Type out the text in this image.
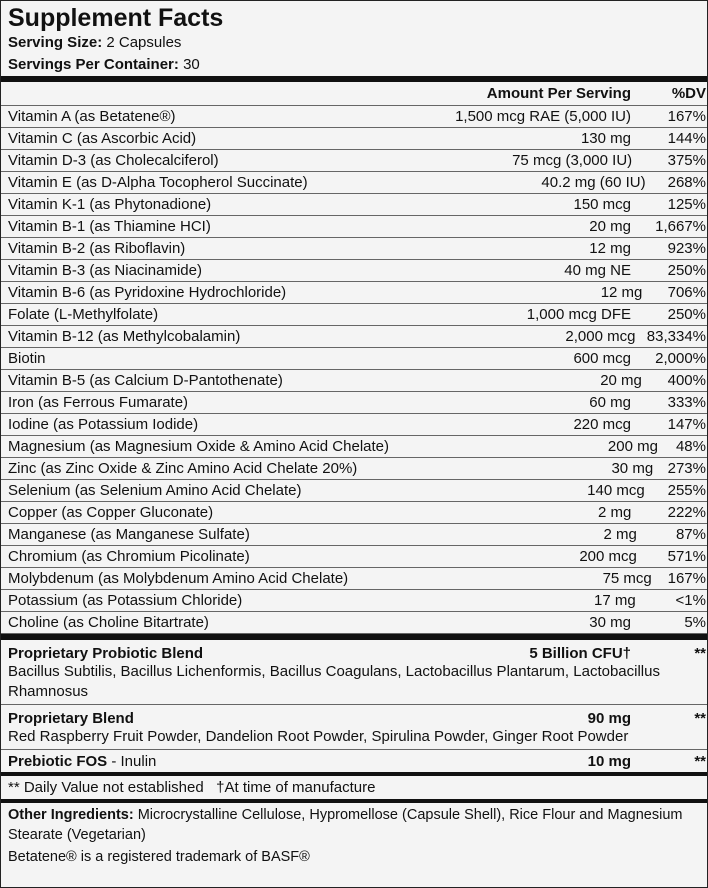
Supplement Facts
Serving Size: 2 Capsules
Servings Per Container: 30
Amount Per Serving	%DV
Vitamin A (as Betatene®)	1,500 mcg RAE (5,000 IU)	167%
Vitamin C (as Ascorbic Acid)	130 mg	144%
Vitamin D-3 (as Cholecalciferol)	75 mcg (3,000 IU)	375%
Vitamin E (as D-Alpha Tocopherol Succinate)	40.2 mg (60 IU)	268%
Vitamin K-1 (as Phytonadione)	150 mcg	125%
Vitamin B-1 (as Thiamine HCI)	20 mg	1,667%
Vitamin B-2 (as Riboflavin)	12 mg	923%
Vitamin B-3 (as Niacinamide)	40 mg NE	250%
Vitamin B-6 (as Pyridoxine Hydrochloride)	12 mg	706%
Folate (L-Methylfolate)	1,000 mcg DFE	250%
Vitamin B-12 (as Methylcobalamin)	2,000 mcg 83,334%
Biotin	600 mcg	2,000%
Vitamin B-5 (as Calcium D-Pantothenate)	20 mg	400%
Iron (as Ferrous Fumarate)	60 mg	333%
Iodine (as Potassium Iodide)	220 mcg	147%
Magnesium (as Magnesium Oxide & Amino Acid Chelate)	200 mg	48%
Zinc (as Zinc Oxide & Zinc Amino Acid Chelate 20%)	30 mg 273%
Selenium (as Selenium Amino Acid Chelate)	140 mcg	255%
Copper (as Copper Gluconate)	2 mg	222%
Manganese (as Manganese Sulfate)	2 mg	87%
Chromium (as Chromium Picolinate)	200 mcg	571%
Molybdenum (as Molybdenum Amino Acid Chelate)	75 mcg	167%
Potassium (as Potassium Chloride)	17 mg	<1%
Choline (as Choline Bitartrate)	30 mg	5%
Proprietary Probiotic Blend	5 Billion CFU†	**
Bacillus Subtilis, Bacillus Lichenformis, Bacillus Coagulans, Lactobacillus Plantarum, Lactobacillus Rhamnosus
Proprietary Blend	90 mg	**
Red Raspberry Fruit Powder, Dandelion Root Powder, Spirulina Powder, Ginger Root Powder
Prebiotic FOS - Inulin	10 mg	**
** Daily Value not established   †At time of manufacture
Other Ingredients: Microcrystalline Cellulose, Hypromellose (Capsule Shell), Rice Flour and Magnesium Stearate (Vegetarian)
Betatene® is a registered trademark of BASF®
